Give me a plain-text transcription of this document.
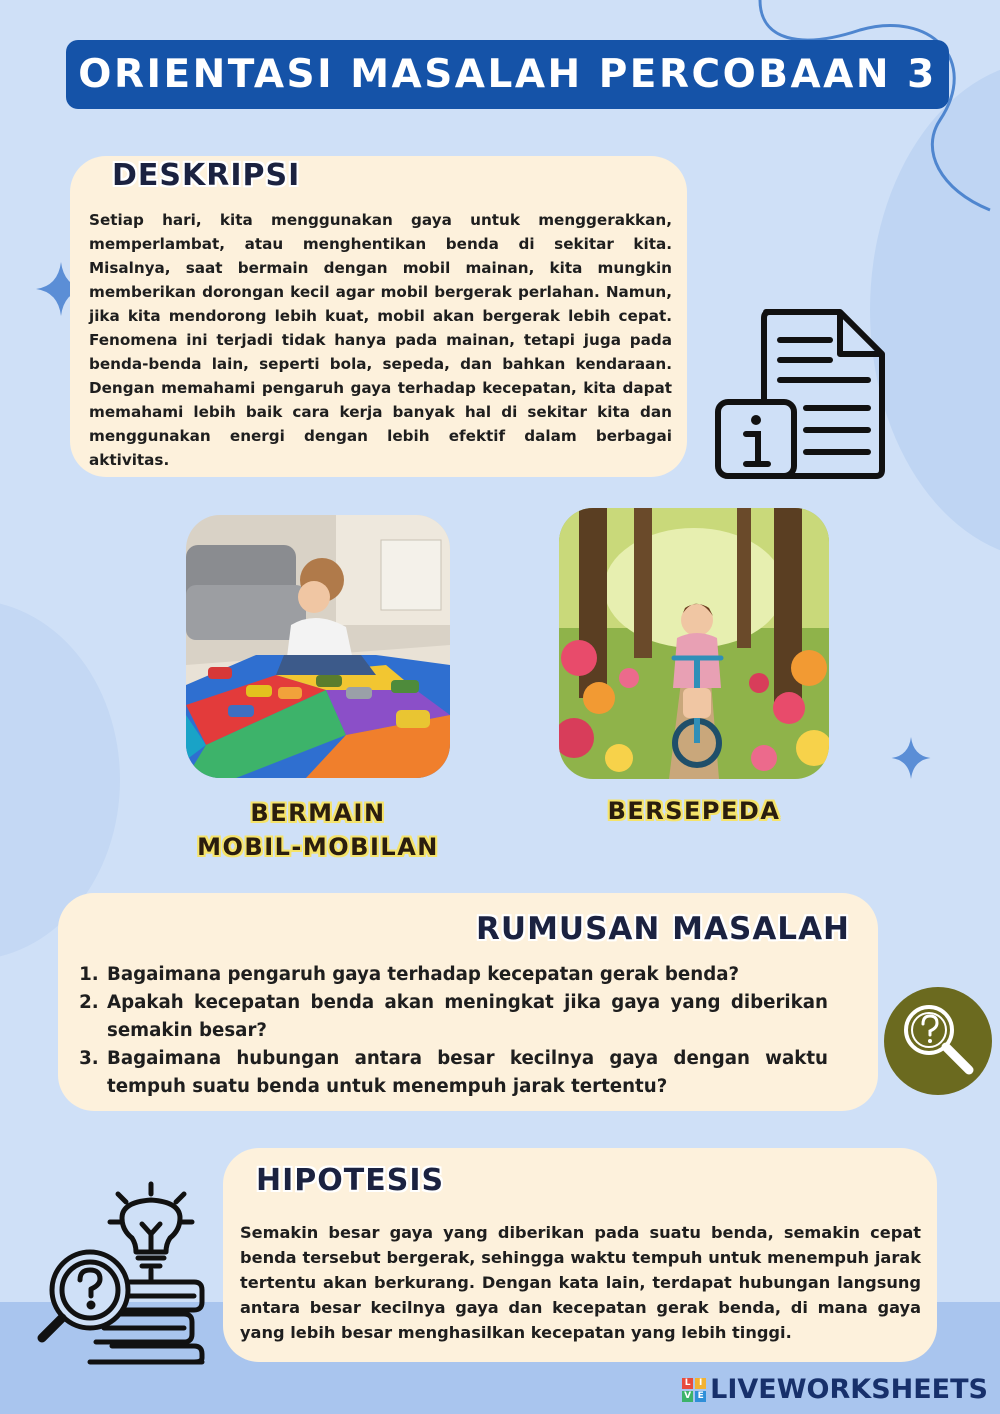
ORIENTASI MASALAH PERCOBAAN 3
DESKRIPSI
Setiap hari, kita menggunakan gaya untuk menggerakkan, memperlambat, atau menghentikan benda di sekitar kita. Misalnya, saat bermain dengan mobil mainan, kita mungkin memberikan dorongan kecil agar mobil bergerak perlahan. Namun, jika kita mendorong lebih kuat, mobil akan bergerak lebih cepat. Fenomena ini terjadi tidak hanya pada mainan, tetapi juga pada benda-benda lain, seperti bola, sepeda, dan bahkan kendaraan. Dengan memahami pengaruh gaya terhadap kecepatan, kita dapat memahami lebih baik cara kerja banyak hal di sekitar kita dan menggunakan energi dengan lebih efektif dalam berbagai aktivitas.
BERMAIN
MOBIL-MOBILAN
BERSEPEDA
RUMUSAN MASALAH
1. Bagaimana pengaruh gaya terhadap kecepatan gerak benda?
2. Apakah kecepatan benda akan meningkat jika gaya yang diberikan semakin besar?
3. Bagaimana hubungan antara besar kecilnya gaya dengan waktu tempuh suatu benda untuk menempuh jarak tertentu?
HIPOTESIS
Semakin besar gaya yang diberikan pada suatu benda, semakin cepat benda tersebut bergerak, sehingga waktu tempuh untuk menempuh jarak tertentu akan berkurang. Dengan kata lain, terdapat hubungan langsung antara besar kecilnya gaya dan kecepatan gerak benda, di mana gaya yang lebih besar menghasilkan kecepatan yang lebih tinggi.
L I
V E LIVEWORKSHEETS
